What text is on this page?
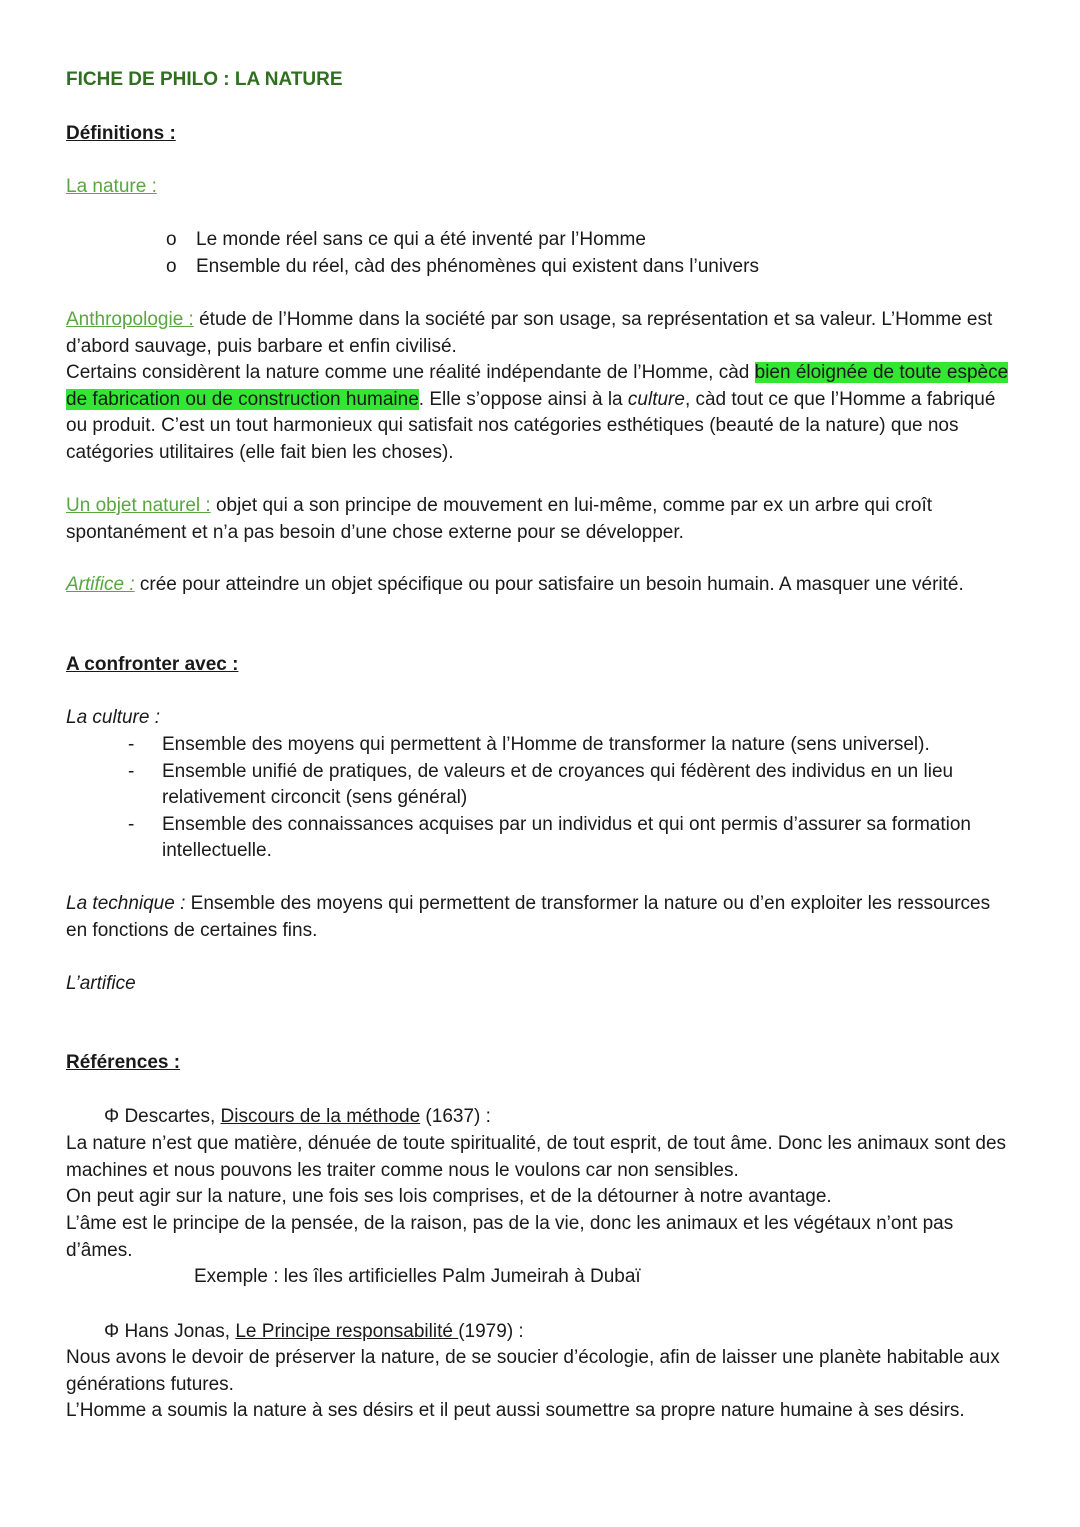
FICHE DE PHILO : LA NATURE

Définitions :

La nature :

o Le monde réel sans ce qui a été inventé par l’Homme
o Ensemble du réel, càd des phénomènes qui existent dans l’univers

Anthropologie : étude de l’Homme dans la société par son usage, sa représentation et sa valeur. L’Homme est d’abord sauvage, puis barbare et enfin civilisé.
Certains considèrent la nature comme une réalité indépendante de l’Homme, càd bien éloignée de toute espèce de fabrication ou de construction humaine. Elle s’oppose ainsi à la culture, càd tout ce que l’Homme a fabriqué ou produit. C’est un tout harmonieux qui satisfait nos catégories esthétiques (beauté de la nature) que nos catégories utilitaires (elle fait bien les choses).

Un objet naturel : objet qui a son principe de mouvement en lui-même, comme par ex un arbre qui croît spontanément et n’a pas besoin d’une chose externe pour se développer.

Artifice : crée pour atteindre un objet spécifique ou pour satisfaire un besoin humain. A masquer une vérité.

A confronter avec :

La culture :

- Ensemble des moyens qui permettent à l’Homme de transformer la nature (sens universel).

- Ensemble unifié de pratiques, de valeurs et de croyances qui fédèrent des individus en un lieu relativement circoncit (sens général)

- Ensemble des connaissances acquises par un individus et qui ont permis d’assurer sa formation intellectuelle.

La technique : Ensemble des moyens qui permettent de transformer la nature ou d’en exploiter les ressources en fonctions de certaines fins.

L’artifice

Références :

Φ Descartes, Discours de la méthode (1637) :

La nature n’est que matière, dénuée de toute spiritualité, de tout esprit, de tout âme. Donc les animaux sont des machines et nous pouvons les traiter comme nous le voulons car non sensibles.

On peut agir sur la nature, une fois ses lois comprises, et de la détourner à notre avantage.

L’âme est le principe de la pensée, de la raison, pas de la vie, donc les animaux et les végétaux n’ont pas d’âmes.

Exemple : les îles artificielles Palm Jumeirah à Dubaï

Φ Hans Jonas, Le Principe responsabilité (1979) :

Nous avons le devoir de préserver la nature, de se soucier d’écologie, afin de laisser une planète habitable aux générations futures.

L’Homme a soumis la nature à ses désirs et il peut aussi soumettre sa propre nature humaine à ses désirs.
